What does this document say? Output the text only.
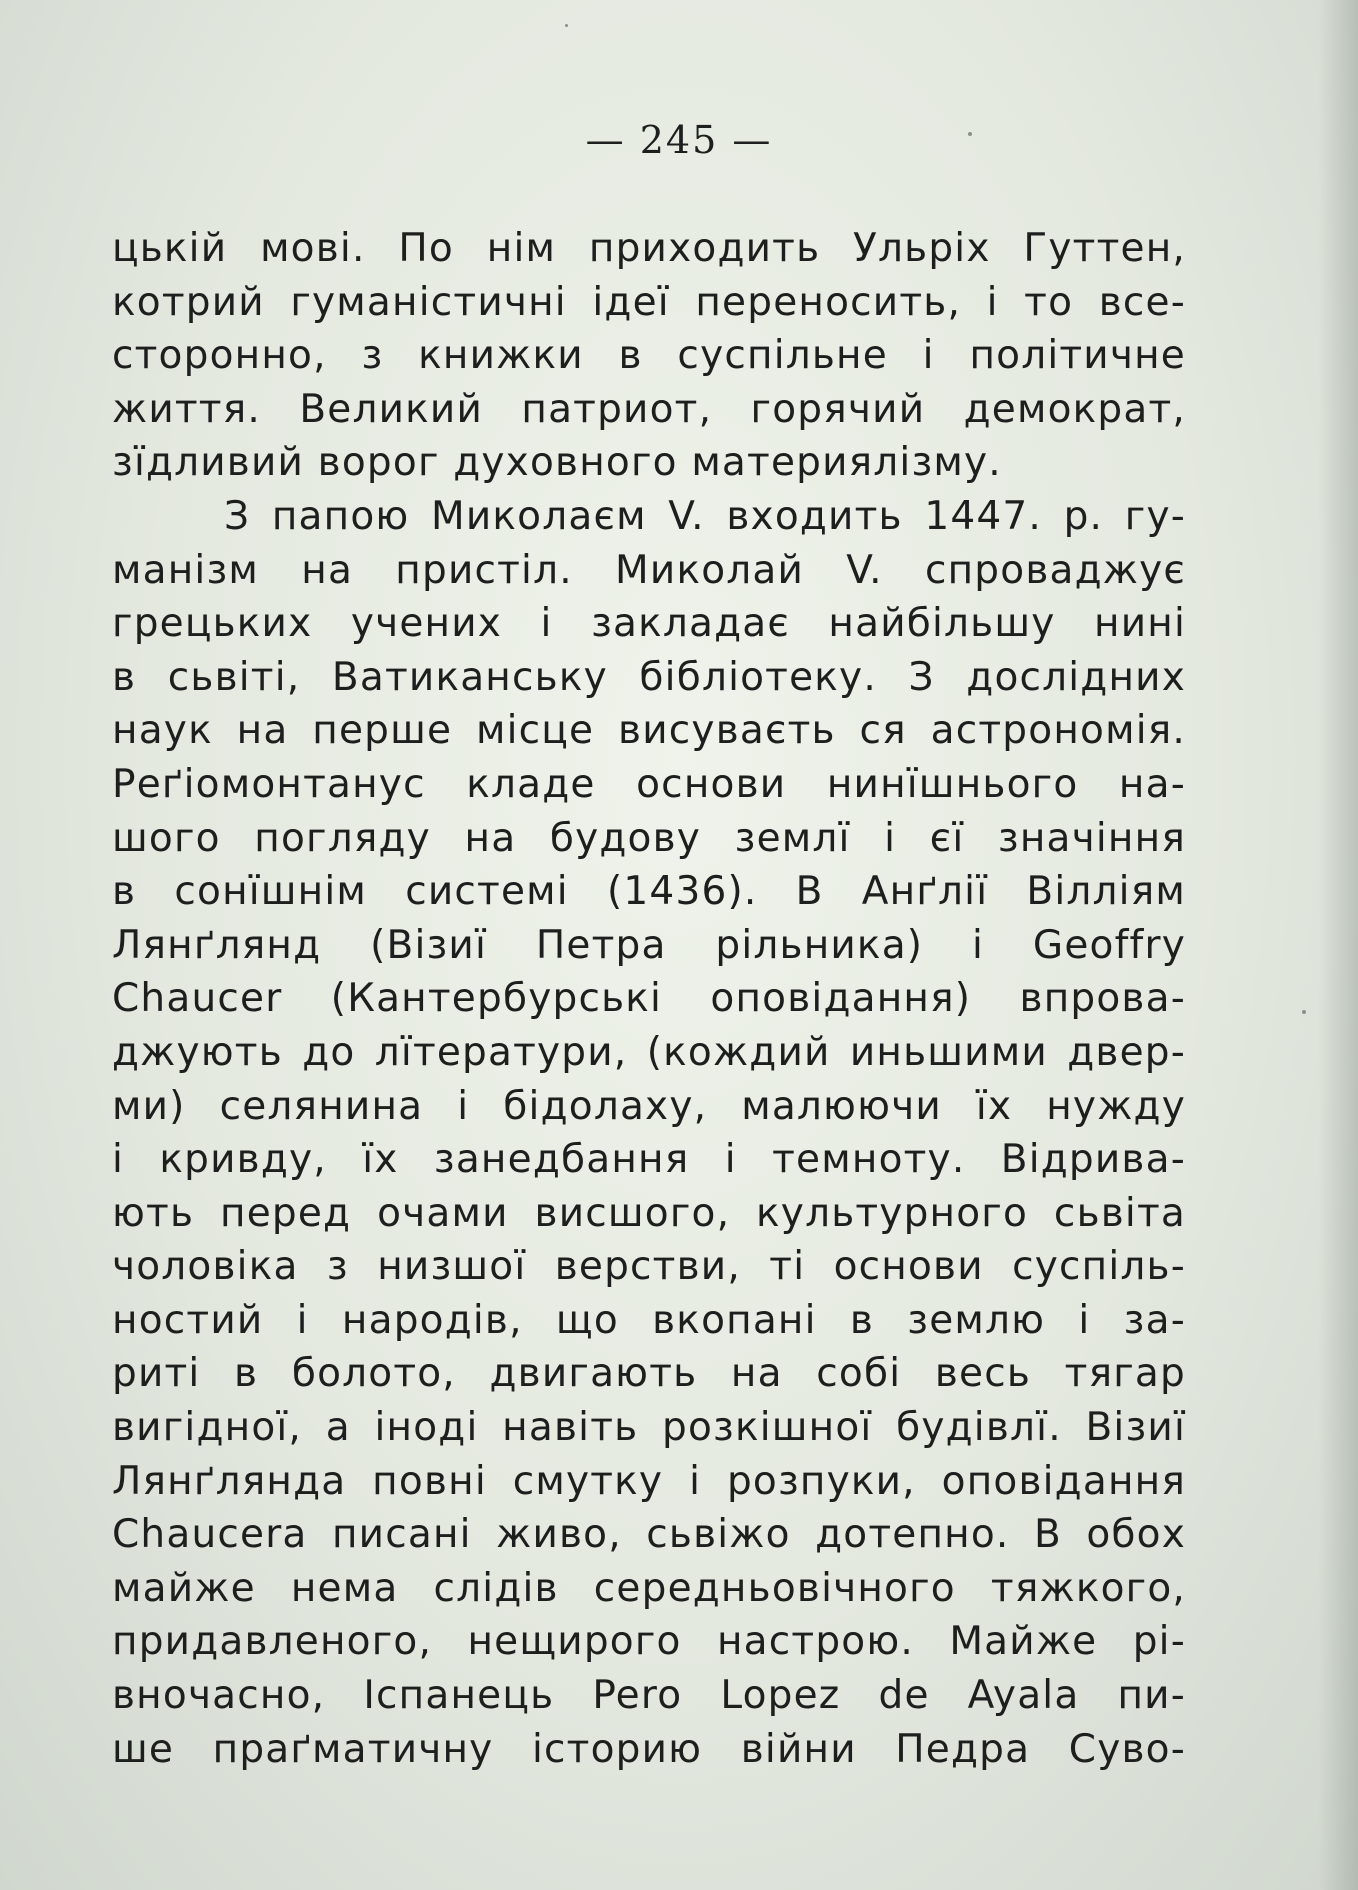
— 245 —
цькій мові. По нім приходить Ульріх Гуттен,
котрий гуманістичні ідеї переносить, і то все-
сторонно, з книжки в суспільне і політичне
життя. Великий патриот, горячий демократ,
зїдливий ворог духовного материялізму.
З папою Миколаєм V. входить 1447. р. гу-
манізм на пристіл. Миколай V. спроваджує
грецьких учених і закладає найбільшу нині
в сьвіті, Ватиканську бібліотеку. З дослідних
наук на перше місце висуваєть ся астрономія.
Реґіомонтанус кладе основи нинїшнього на-
шого погляду на будову землї і єї значіння
в сонїшнім системі (1436). В Анґлії Вілліям
Лянґлянд (Візиї Петра рільника) і Geoffry
Chaucer (Кантербурські оповідання) впрова-
джують до лїтератури, (кождий иньшими двер-
ми) селянина і бідолаху, малюючи їх нужду
і кривду, їх занедбання і темноту. Відрива-
ють перед очами висшого, культурного сьвіта
чоловіка з низшої верстви, ті основи суспіль-
ностий і народів, що вкопані в землю і за-
риті в болото, двигають на собі весь тягар
вигідної, а іноді навіть розкішної будівлї. Візиї
Лянґлянда повні смутку і розпуки, оповідання
Chaucera писані живо, сьвіжо дотепно. В обох
майже нема слідів середньовічного тяжкого,
придавленого, нещирого настрою. Майже рі-
вночасно, Іспанець Pero Lopez de Ayala пи-
ше праґматичну історию війни Педра Суво-
